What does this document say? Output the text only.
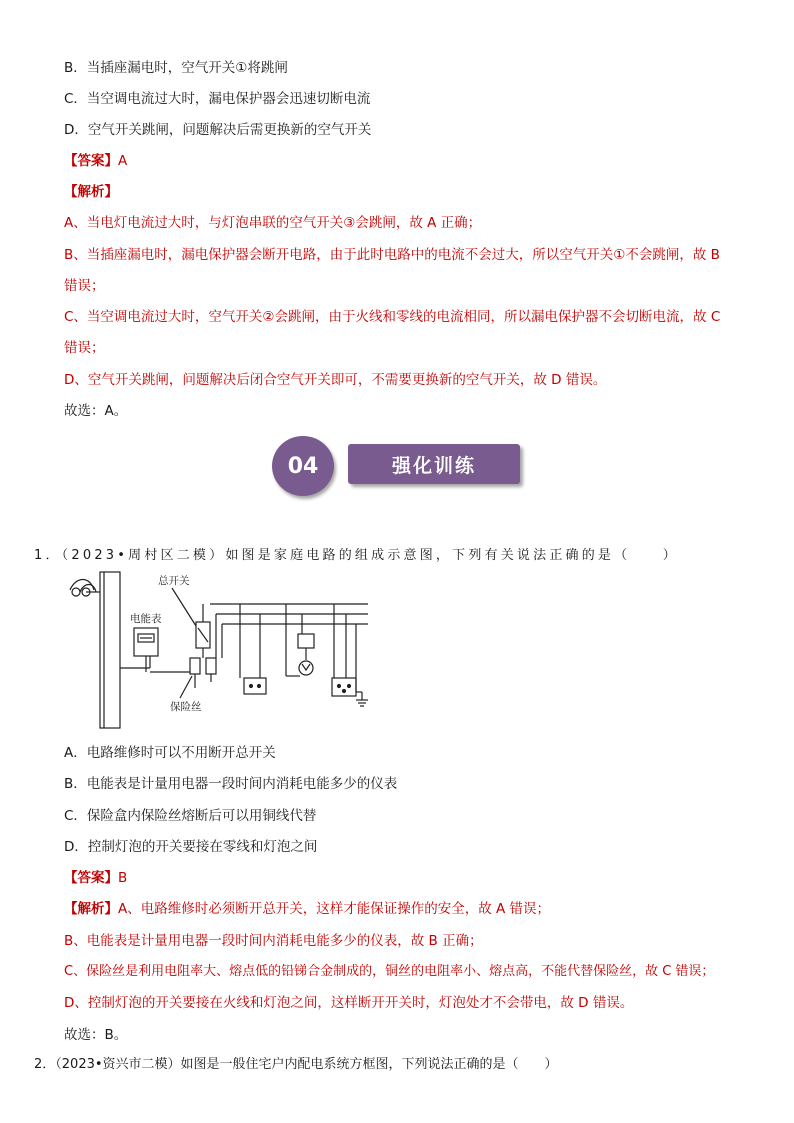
B．当插座漏电时，空气开关①将跳闸
C．当空调电流过大时，漏电保护器会迅速切断电流
D．空气开关跳闸，问题解决后需更换新的空气开关
【答案】A
【解析】
A、当电灯电流过大时，与灯泡串联的空气开关③会跳闸，故 A 正确；
B、当插座漏电时，漏电保护器会断开电路，由于此时电路中的电流不会过大，所以空气开关①不会跳闸，故 B
错误；
C、当空调电流过大时，空气开关②会跳闸，由于火线和零线的电流相同，所以漏电保护器不会切断电流，故 C
错误；
D、空气开关跳闸，问题解决后闭合空气开关即可，不需要更换新的空气开关，故 D 错误。
故选：A。
04	强化训练
1．（2023•周村区二模）如图是家庭电路的组成示意图，下列有关说法正确的是（　　）
总开关
电能表
保险丝
A．电路维修时可以不用断开总开关
B．电能表是计量用电器一段时间内消耗电能多少的仪表
C．保险盒内保险丝熔断后可以用铜线代替
D．控制灯泡的开关要接在零线和灯泡之间
【答案】B
【解析】A、电路维修时必须断开总开关，这样才能保证操作的安全，故 A 错误；
B、电能表是计量用电器一段时间内消耗电能多少的仪表，故 B 正确；
C、保险丝是利用电阻率大、熔点低的铅锑合金制成的，铜丝的电阻率小、熔点高，不能代替保险丝，故 C 错误；
D、控制灯泡的开关要接在火线和灯泡之间，这样断开开关时，灯泡处才不会带电，故 D 错误。
故选：B。
2．（2023•资兴市二模）如图是一般住宅户内配电系统方框图，下列说法正确的是（　　）
